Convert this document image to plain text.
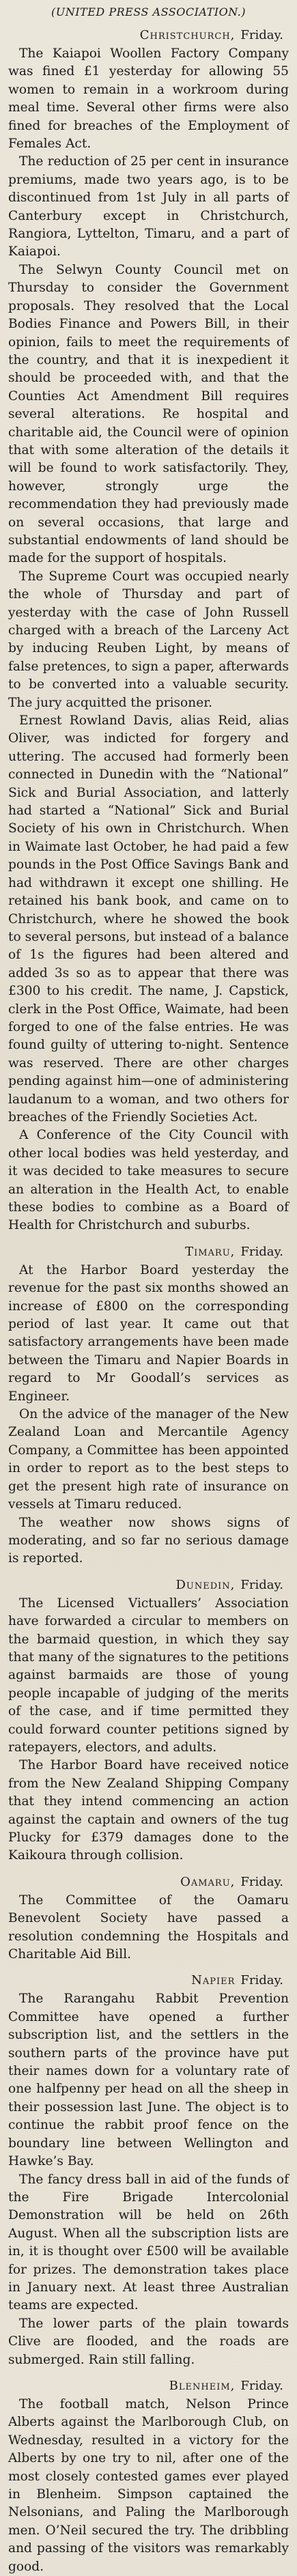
(UNITED PRESS ASSOCIATION.)
Christchurch, Friday.

The Kaiapoi Woollen Factory Company was fined £1 yesterday for allowing 55 women to remain in a workroom during meal time. Several other firms were also fined for breaches of the Employment of Females Act.

The reduction of 25 per cent in insurance premiums, made two years ago, is to be discontinued from 1st July in all parts of Canterbury except in Christchurch, Rangiora, Lyttelton, Timaru, and a part of Kaiapoi.

The Selwyn County Council met on Thursday to consider the Government proposals. They resolved that the Local Bodies Finance and Powers Bill, in their opinion, fails to meet the requirements of the country, and that it is inexpedient it should be proceeded with, and that the Counties Act Amendment Bill requires several alterations. Re hospital and charitable aid, the Council were of opinion that with some alteration of the details it will be found to work satisfactorily. They, however, strongly urge the recommendation they had previously made on several occasions, that large and substantial endowments of land should be made for the support of hospitals.

The Supreme Court was occupied nearly the whole of Thursday and part of yesterday with the case of John Russell charged with a breach of the Larceny Act by inducing Reuben Light, by means of false pretences, to sign a paper, afterwards to be converted into a valuable security. The jury acquitted the prisoner.

Ernest Rowland Davis, alias Reid, alias Oliver, was indicted for forgery and uttering. The accused had formerly been connected in Dunedin with the “National” Sick and Burial Association, and latterly had started a “National” Sick and Burial Society of his own in Christchurch. When in Waimate last October, he had paid a few pounds in the Post Office Savings Bank and had withdrawn it except one shilling. He retained his bank book, and came on to Christchurch, where he showed the book to several persons, but instead of a balance of 1s the figures had been altered and added 3s so as to appear that there was £300 to his credit. The name, J. Capstick, clerk in the Post Office, Waimate, had been forged to one of the false entries. He was found guilty of uttering to-night. Sentence was reserved. There are other charges pending against him—one of administering laudanum to a woman, and two others for breaches of the Friendly Societies Act.

A Conference of the City Council with other local bodies was held yesterday, and it was decided to take measures to secure an alteration in the Health Act, to enable these bodies to combine as a Board of Health for Christchurch and suburbs.

Timaru, Friday.

At the Harbor Board yesterday the revenue for the past six months showed an increase of £800 on the corresponding period of last year. It came out that satisfactory arrangements have been made between the Timaru and Napier Boards in regard to Mr Goodall’s services as Engineer.

On the advice of the manager of the New Zealand Loan and Mercantile Agency Company, a Committee has been appointed in order to report as to the best steps to get the present high rate of insurance on vessels at Timaru reduced.

The weather now shows signs of moderating, and so far no serious damage is reported.

Dunedin, Friday.

The Licensed Victuallers’ Association have forwarded a circular to members on the barmaid question, in which they say that many of the signatures to the petitions against barmaids are those of young people incapable of judging of the merits of the case, and if time permitted they could forward counter petitions signed by ratepayers, electors, and adults.

The Harbor Board have received notice from the New Zealand Shipping Company that they intend commencing an action against the captain and owners of the tug Plucky for £379 damages done to the Kaikoura through collision.

Oamaru, Friday.

The Committee of the Oamaru Benevolent Society have passed a resolution condemning the Hospitals and Charitable Aid Bill.

Napier Friday.

The Rarangahu Rabbit Prevention Committee have opened a further subscription list, and the settlers in the southern parts of the province have put their names down for a voluntary rate of one halfpenny per head on all the sheep in their possession last June. The object is to continue the rabbit proof fence on the boundary line between Wellington and Hawke’s Bay.

The fancy dress ball in aid of the funds of the Fire Brigade Intercolonial Demonstration will be held on 26th August. When all the subscription lists are in, it is thought over £500 will be available for prizes. The demonstration takes place in January next. At least three Australian teams are expected.

The lower parts of the plain towards Clive are flooded, and the roads are submerged. Rain still falling.

Blenheim, Friday.

The football match, Nelson Prince Alberts against the Marlborough Club, on Wednesday, resulted in a victory for the Alberts by one try to nil, after one of the most closely contested games ever played in Blenheim. Simpson captained the Nelsonians, and Paling the Marlborough men. O’Neil secured the try. The dribbling and passing of the visitors was remarkably good.
